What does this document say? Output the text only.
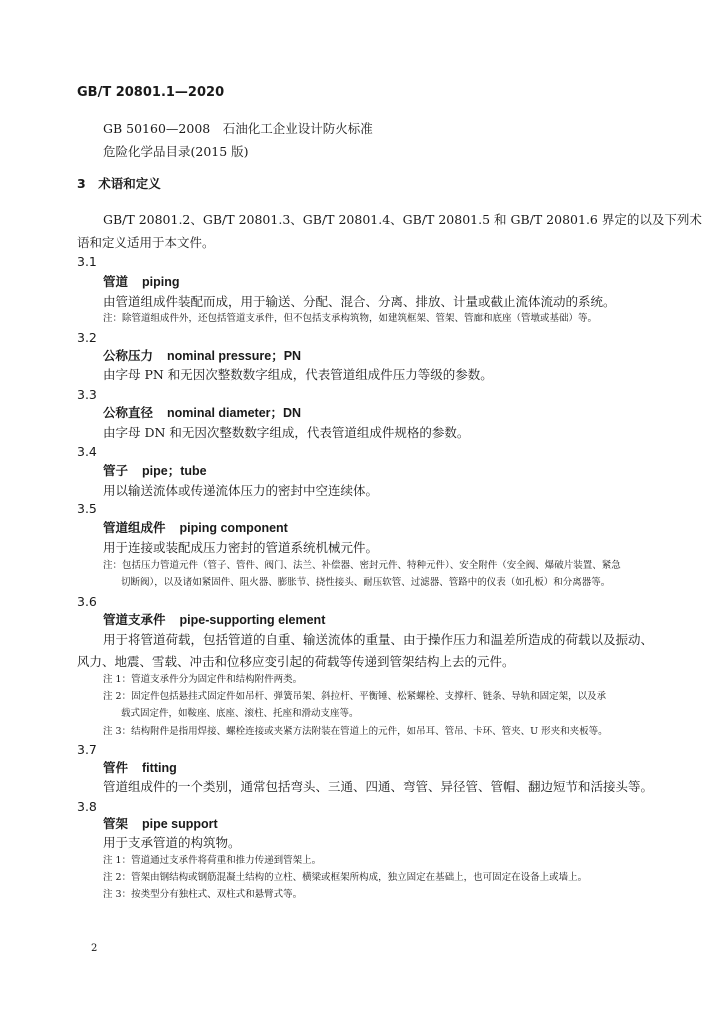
GB/T 20801.1—2020
GB 50160—2008　石油化工企业设计防火标准
危险化学品目录(2015 版)
3　术语和定义
GB/T 20801.2、GB/T 20801.3、GB/T 20801.4、GB/T 20801.5 和 GB/T 20801.6 界定的以及下列术
语和定义适用于本文件。
3.1
管道 piping
由管道组成件装配而成，用于输送、分配、混合、分离、排放、计量或截止流体流动的系统。
注：除管道组成件外，还包括管道支承件，但不包括支承构筑物，如建筑框架、管架、管廊和底座（管墩或基础）等。
3.2
公称压力 nominal pressure；PN
由字母 PN 和无因次整数数字组成，代表管道组成件压力等级的参数。
3.3
公称直径 nominal diameter；DN
由字母 DN 和无因次整数数字组成，代表管道组成件规格的参数。
3.4
管子 pipe；tube
用以输送流体或传递流体压力的密封中空连续体。
3.5
管道组成件 piping component
用于连接或装配成压力密封的管道系统机械元件。
注：包括压力管道元件（管子、管件、阀门、法兰、补偿器、密封元件、特种元件）、安全附件（安全阀、爆破片装置、紧急
切断阀），以及诸如紧固件、阻火器、膨胀节、挠性接头、耐压软管、过滤器、管路中的仪表（如孔板）和分离器等。
3.6
管道支承件 pipe-supporting element
用于将管道荷载，包括管道的自重、输送流体的重量、由于操作压力和温差所造成的荷载以及振动、
风力、地震、雪载、冲击和位移应变引起的荷载等传递到管架结构上去的元件。
注 1：管道支承件分为固定件和结构附件两类。
注 2：固定件包括悬挂式固定件如吊杆、弹簧吊架、斜拉杆、平衡锤、松紧螺栓、支撑杆、链条、导轨和固定架，以及承
载式固定件，如鞍座、底座、滚柱、托座和滑动支座等。
注 3：结构附件是指用焊接、螺栓连接或夹紧方法附装在管道上的元件，如吊耳、管吊、卡环、管夹、U 形夹和夹板等。
3.7
管件 fitting
管道组成件的一个类别，通常包括弯头、三通、四通、弯管、异径管、管帽、翻边短节和活接头等。
3.8
管架 pipe support
用于支承管道的构筑物。
注 1：管道通过支承件将荷重和推力传递到管架上。
注 2：管架由钢结构或钢筋混凝土结构的立柱、横梁或框架所构成，独立固定在基础上，也可固定在设备上或墙上。
注 3：按类型分有独柱式、双柱式和悬臂式等。
2
